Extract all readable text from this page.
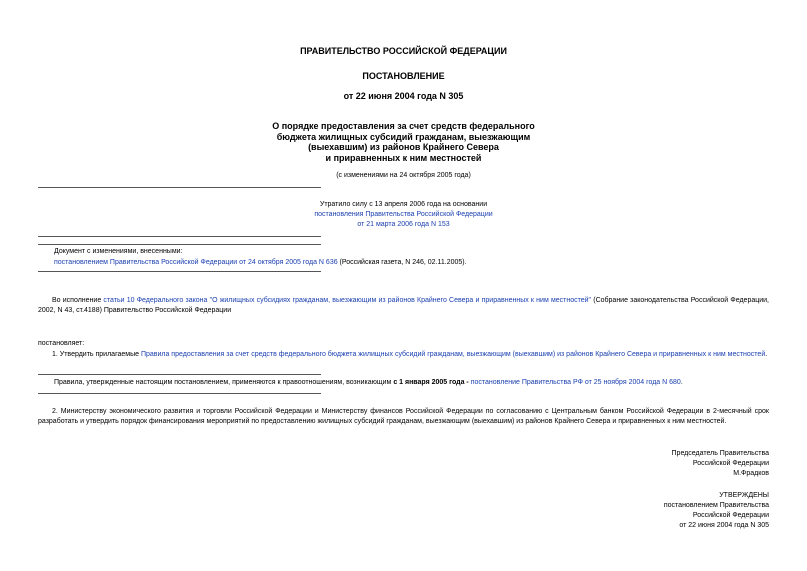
ПРАВИТЕЛЬСТВО РОССИЙСКОЙ ФЕДЕРАЦИИ
ПОСТАНОВЛЕНИЕ
от 22 июня 2004 года N 305
О порядке предоставления за счет средств федерального
бюджета жилищных субсидий гражданам, выезжающим
(выехавшим) из районов Крайнего Севера
и приравненных к ним местностей
(с изменениями на 24 октября 2005 года)
Утратило силу с 13 апреля 2006 года на основании
постановления Правительства Российской Федерации
от 21 марта 2006 года N 153
Документ с изменениями, внесенными:
постановлением Правительства Российской Федерации от 24 октября 2005 года N 636 (Российская газета, N 246, 02.11.2005).
Во исполнение статьи 10 Федерального закона "О жилищных субсидиях гражданам, выезжающим из районов Крайнего Севера и приравненных к ним местностей" (Собрание законодательства Российской Федерации, 2002, N 43, ст.4188) Правительство Российской Федерации
постановляет:
1. Утвердить прилагаемые Правила предоставления за счет средств федерального бюджета жилищных субсидий гражданам, выезжающим (выехавшим) из районов Крайнего Севера и приравненных к ним местностей.
Правила, утвержденные настоящим постановлением, применяются к правоотношениям, возникающим с 1 января 2005 года - постановление Правительства РФ от 25 ноября 2004 года N 680.
2. Министерству экономического развития и торговли Российской Федерации и Министерству финансов Российской Федерации по согласованию с Центральным банком Российской Федерации в 2-месячный срок разработать и утвердить порядок финансирования мероприятий по предоставлению жилищных субсидий гражданам, выезжающим (выехавшим) из районов Крайнего Севера и приравненных к ним местностей.
Председатель Правительства
Российской Федерации
М.Фрадков
УТВЕРЖДЕНЫ
постановлением Правительства
Российской Федерации
от 22 июня 2004 года N 305
